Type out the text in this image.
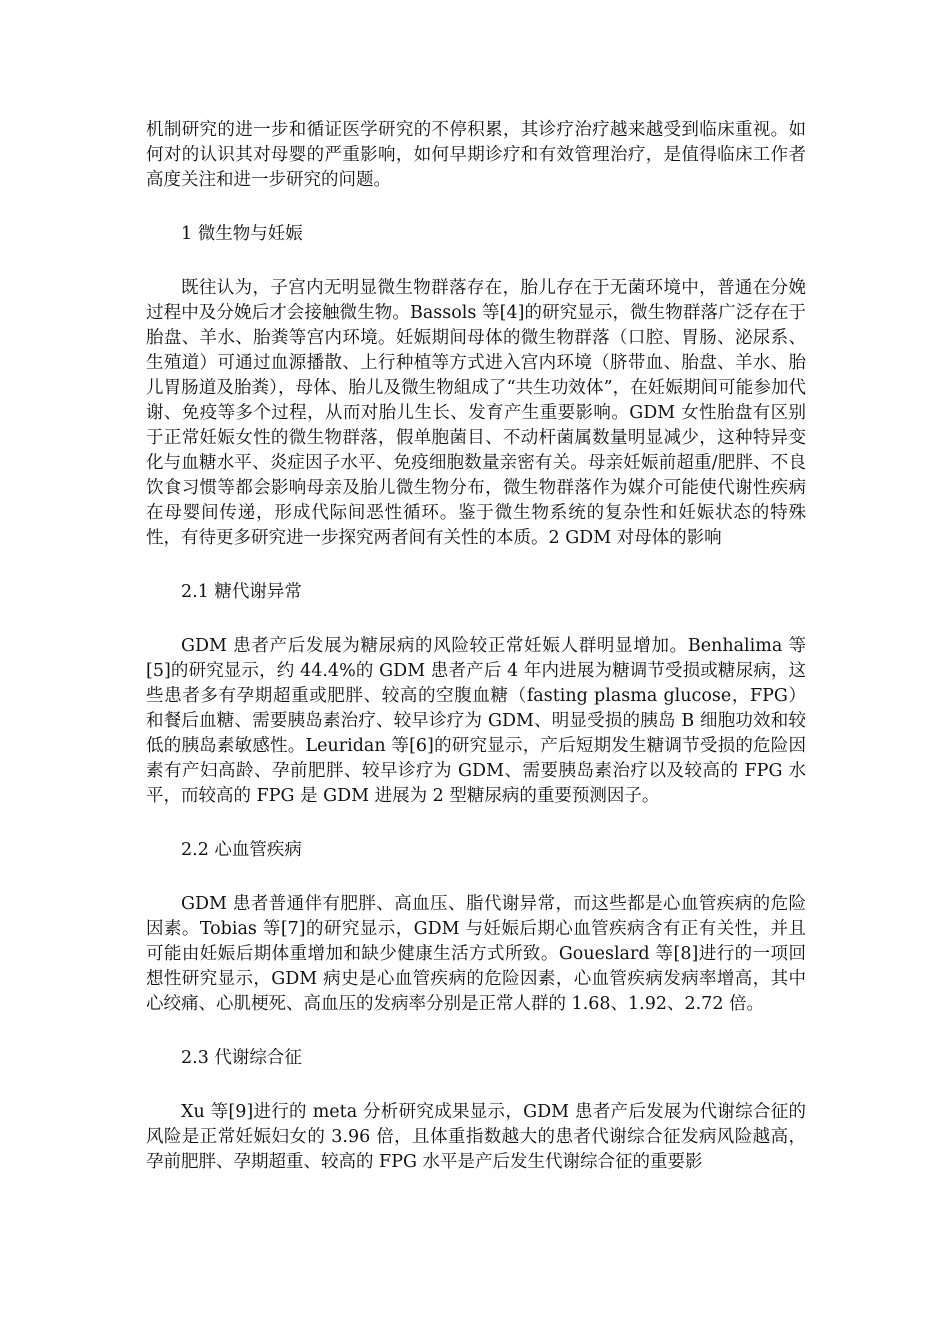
机制研究的进一步和循证医学研究的不停积累，其诊疗治疗越来越受到临床重视。如何对的认识其对母婴的严重影响，如何早期诊疗和有效管理治疗，是值得临床工作者高度关注和进一步研究的问题。

1 微生物与妊娠

既往认为，子宫内无明显微生物群落存在，胎儿存在于无菌环境中，普通在分娩过程中及分娩后才会接触微生物。Bassols 等[4]的研究显示，微生物群落广泛存在于胎盘、羊水、胎粪等宫内环境。妊娠期间母体的微生物群落（口腔、胃肠、泌尿系、生殖道）可通过血源播散、上行种植等方式进入宫内环境（脐带血、胎盘、羊水、胎儿胃肠道及胎粪），母体、胎儿及微生物組成了“共生功效体”，在妊娠期间可能参加代谢、免疫等多个过程，从而对胎儿生长、发育产生重要影响。GDM 女性胎盘有区别于正常妊娠女性的微生物群落，假单胞菌目、不动杆菌属数量明显减少，这种特异变化与血糖水平、炎症因子水平、免疫细胞数量亲密有关。母亲妊娠前超重/肥胖、不良饮食习惯等都会影响母亲及胎儿微生物分布，微生物群落作为媒介可能使代谢性疾病在母婴间传递，形成代际间恶性循环。鉴于微生物系统的复杂性和妊娠状态的特殊性，有待更多研究进一步探究两者间有关性的本质。2 GDM 对母体的影响

2.1 糖代谢异常

GDM 患者产后发展为糖尿病的风险较正常妊娠人群明显增加。Benhalima 等[5]的研究显示，约 44.4%的 GDM 患者产后 4 年内进展为糖调节受损或糖尿病，这些患者多有孕期超重或肥胖、较高的空腹血糖（fasting plasma glucose，FPG）和餐后血糖、需要胰岛素治疗、较早诊疗为 GDM、明显受损的胰岛 B 细胞功效和较低的胰岛素敏感性。Leuridan 等[6]的研究显示，产后短期发生糖调节受损的危险因素有产妇高龄、孕前肥胖、较早诊疗为 GDM、需要胰岛素治疗以及较高的 FPG 水平，而较高的 FPG 是 GDM 进展为 2 型糖尿病的重要预测因子。

2.2 心血管疾病

GDM 患者普通伴有肥胖、高血压、脂代谢异常，而这些都是心血管疾病的危险因素。Tobias 等[7]的研究显示，GDM 与妊娠后期心血管疾病含有正有关性，并且可能由妊娠后期体重增加和缺少健康生活方式所致。Goueslard 等[8]进行的一项回想性研究显示，GDM 病史是心血管疾病的危险因素，心血管疾病发病率增高，其中心绞痛、心肌梗死、高血压的发病率分别是正常人群的 1.68、1.92、2.72 倍。

2.3 代谢综合征

Xu 等[9]进行的 meta 分析研究成果显示，GDM 患者产后发展为代谢综合征的风险是正常妊娠妇女的 3.96 倍，且体重指数越大的患者代谢综合征发病风险越高，孕前肥胖、孕期超重、较高的 FPG 水平是产后发生代谢综合征的重要影
